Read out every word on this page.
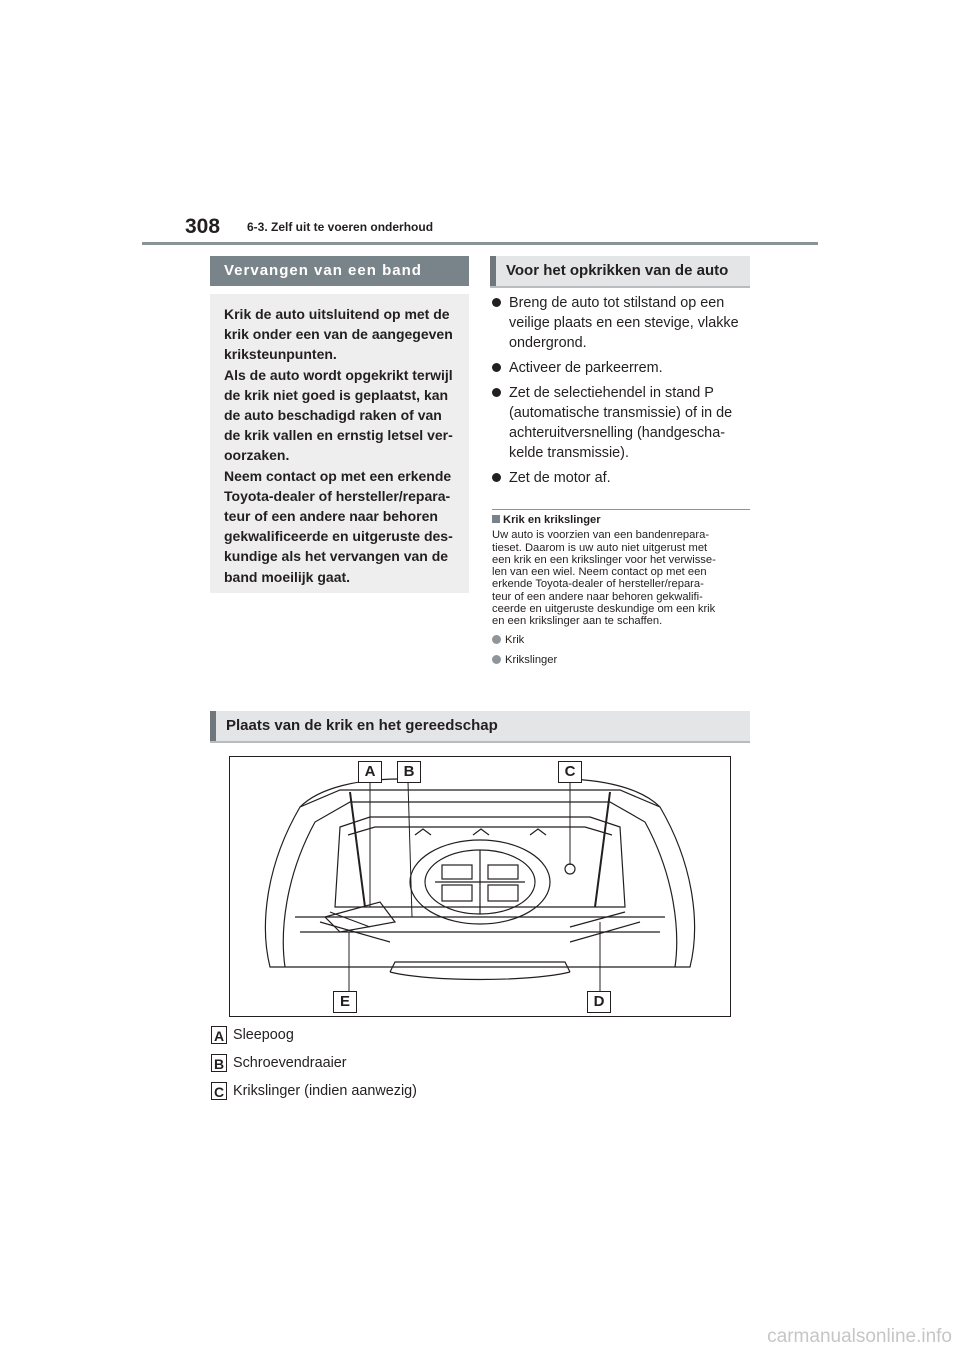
308 6-3. Zelf uit te voeren onderhoud
Vervangen van een band	Voor het opkrikken van de auto
Krik de auto uitsluitend op met de
krik onder een van de aangegeven
kriksteunpunten.
Als de auto wordt opgekrikt terwijl
de krik niet goed is geplaatst, kan
de auto beschadigd raken of van
de krik vallen en ernstig letsel ver-
oorzaken.
Neem contact op met een erkende
Toyota-dealer of hersteller/repara-
teur of een andere naar behoren
gekwalificeerde en uitgeruste des-
kundige als het vervangen van de
band moeilijk gaat.
Breng de auto tot stilstand op een
veilige plaats en een stevige, vlakke
ondergrond.
Activeer de parkeerrem.
Zet de selectiehendel in stand P
(automatische transmissie) of in de
achteruitversnelling (handgescha-
kelde transmissie).
Zet de motor af.
Krik en krikslinger
Uw auto is voorzien van een bandenrepara-
tieset. Daarom is uw auto niet uitgerust met
een krik en een krikslinger voor het verwisse-
len van een wiel. Neem contact op met een
erkende Toyota-dealer of hersteller/repara-
teur of een andere naar behoren gekwalifi-
ceerde en uitgeruste deskundige om een krik
en een krikslinger aan te schaffen.
Krik
Krikslinger
Plaats van de krik en het gereedschap
A	B	C
E	D
A Sleepoog
B Schroevendraaier
C Krikslinger (indien aanwezig)
carmanualsonline.info
